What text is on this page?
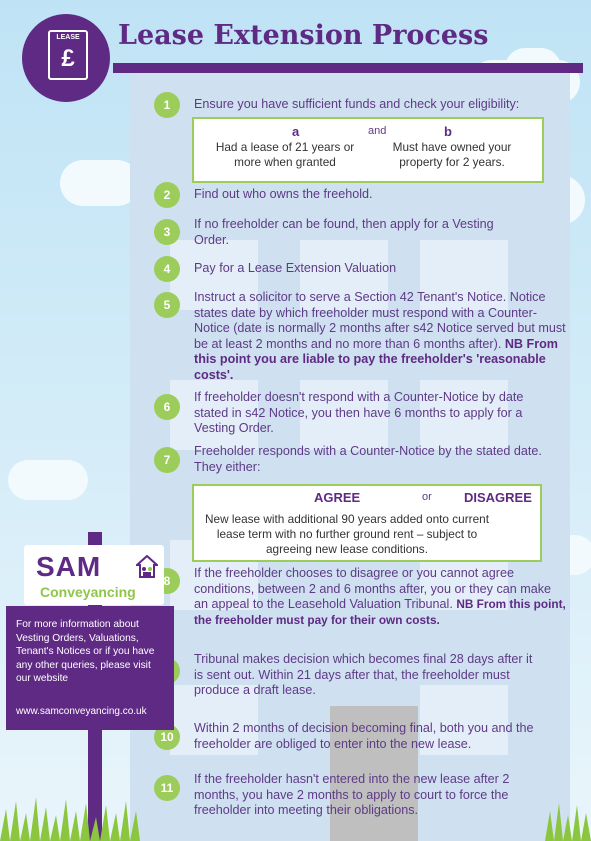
LEASE
£
Lease Extension Process
1	Ensure you have sufficient funds and check your eligibility:
a	and	b
Had a lease of 21 years or more when granted
Must have owned your property for 2 years.
2	Find out who owns the freehold.
3
If no freeholder can be found, then apply for a Vesting Order.
4	Pay for a Lease Extension Valuation
5
Instruct a solicitor to serve a Section 42 Tenant's Notice. Notice states date by which freeholder must respond with a Counter-Notice (date is normally 2 months after s42 Notice served but must be at least 2 months and no more than 6 months after). NB From this point you are liable to pay the freeholder's 'reasonable costs'.
6
If freeholder doesn't respond with a Counter-Notice by date stated in s42 Notice, you then have 6 months to apply for a Vesting Order.
7
Freeholder responds with a Counter-Notice by the stated date. They either:
AGREE	or DISAGREE
New lease with additional 90 years added onto current lease term with no further ground rent – subject to agreeing new lease conditions.
8
If the freeholder chooses to disagree or you cannot agree conditions, between 2 and 6 months after, you or they can make an appeal to the Leasehold Valuation Tribunal. NB From this point, the freeholder must pay for their own costs.
Tribunal makes decision which becomes final 28 days after it is sent out. Within 21 days after that, the freeholder must produce a draft lease.
10
Within 2 months of decision becoming final, both you and the freeholder are obliged to enter into the new lease.
11
If the freeholder hasn't entered into the new lease after 2 months, you have 2 months to apply to court to force the freeholder into meeting their obligations.
SAM
Conveyancing
For more information about Vesting Orders, Valuations, Tenant's Notices or if you have any other queries, please visit our website
www.samconveyancing.co.uk
